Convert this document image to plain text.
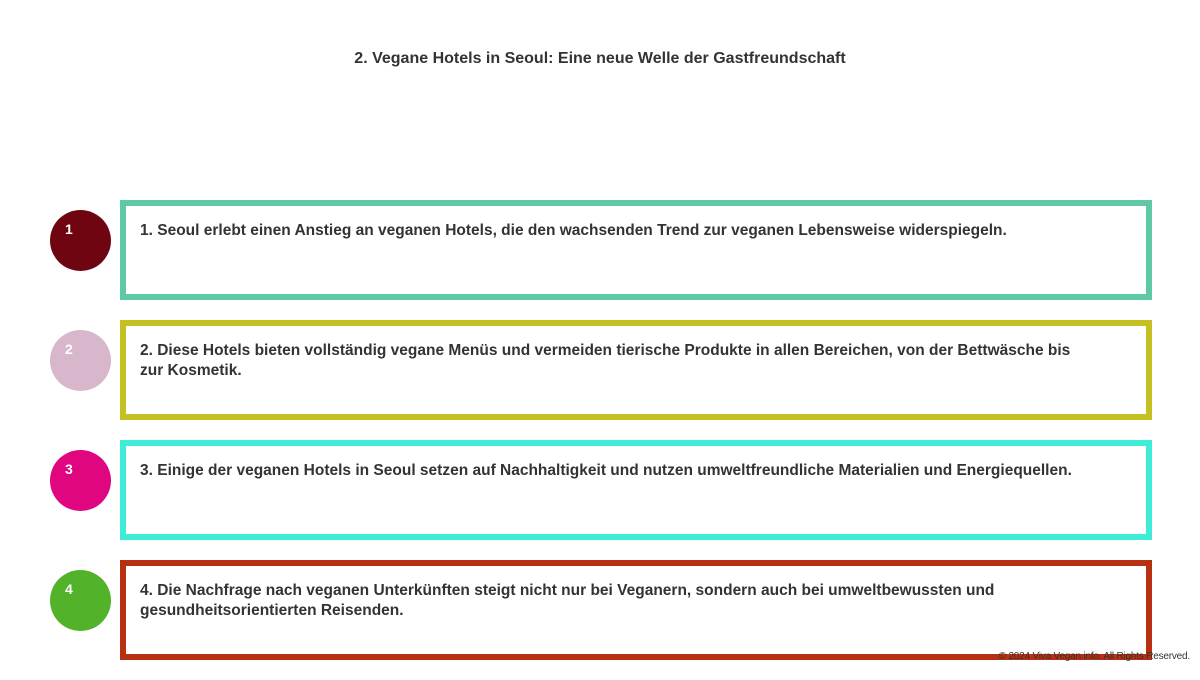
2. Vegane Hotels in Seoul: Eine neue Welle der Gastfreundschaft
1	1. Seoul erlebt einen Anstieg an veganen Hotels, die den wachsenden Trend zur veganen Lebensweise widerspiegeln.
2	2. Diese Hotels bieten vollständig vegane Menüs und vermeiden tierische Produkte in allen Bereichen, von der Bettwäsche bis zur Kosmetik.
3	3. Einige der veganen Hotels in Seoul setzen auf Nachhaltigkeit und nutzen umweltfreundliche Materialien und Energiequellen.
4	4. Die Nachfrage nach veganen Unterkünften steigt nicht nur bei Veganern, sondern auch bei umweltbewussten und gesundheitsorientierten Reisenden.
© 2024 Viva Vegan info. All Rights Reserved.
